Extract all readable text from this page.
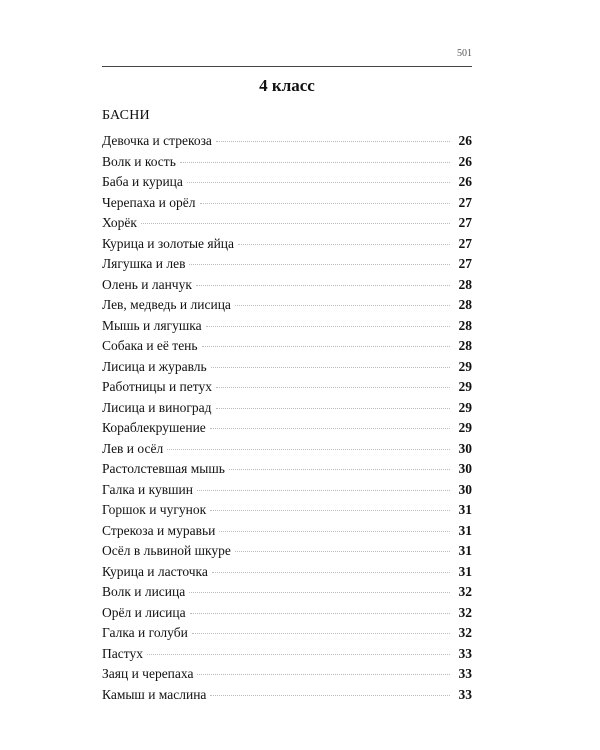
501
4 класс
БАСНИ
Девочка и стрекоза	26
Волк и кость	26
Баба и курица	26
Черепаха и орёл	27
Хорёк	27
Курица и золотые яйца	27
Лягушка и лев	27
Олень и ланчук	28
Лев, медведь и лисица	28
Мышь и лягушка	28
Собака и её тень	28
Лисица и журавль	29
Работницы и петух	29
Лисица и виноград	29
Кораблекрушение	29
Лев и осёл	30
Растолстевшая мышь	30
Галка и кувшин	30
Горшок и чугунок	31
Стрекоза и муравьи	31
Осёл в львиной шкуре	31
Курица и ласточка	31
Волк и лисица	32
Орёл и лисица	32
Галка и голуби	32
Пастух	33
Заяц и черепаха	33
Камыш и маслина	33
